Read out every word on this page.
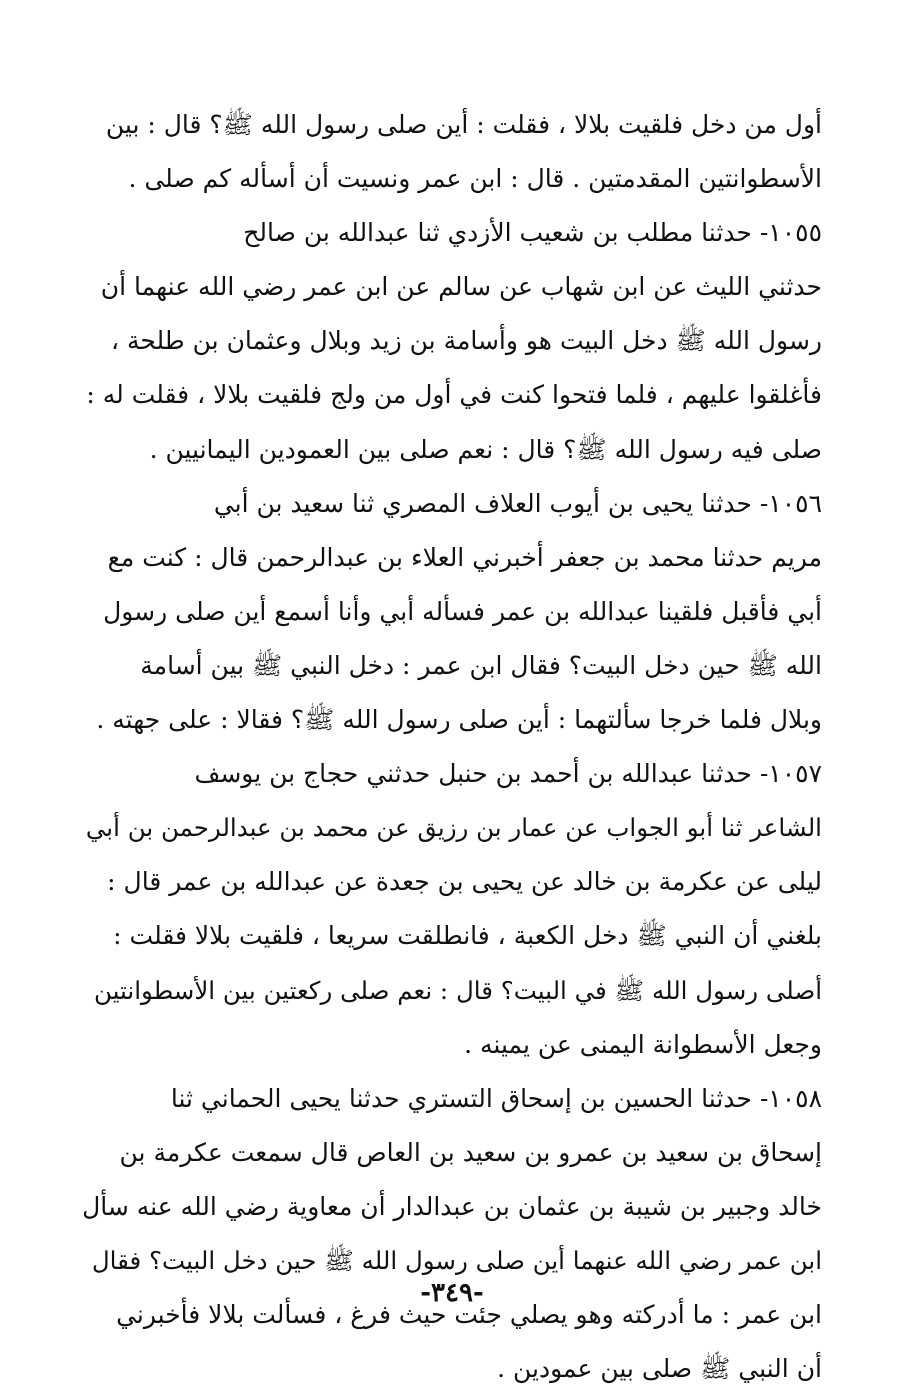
أول من دخل فلقيت بلالا ، فقلت : أين صلى رسول الله ﷺ؟ قال : بين
الأسطوانتين المقدمتين . قال : ابن عمر ونسيت أن أسأله كم صلى .
١٠٥٥- حدثنا مطلب بن شعيب الأزدي ثنا عبدالله بن صالح
حدثني الليث عن ابن شهاب عن سالم عن ابن عمر رضي الله عنهما أن
رسول الله ﷺ دخل البيت هو وأسامة بن زيد وبلال وعثمان بن طلحة ،
فأغلقوا عليهم ، فلما فتحوا كنت في أول من ولج فلقيت بلالا ، فقلت له :
صلى فيه رسول الله ﷺ؟ قال : نعم صلى بين العمودين اليمانيين .
١٠٥٦- حدثنا يحيى بن أيوب العلاف المصري ثنا سعيد بن أبي
مريم حدثنا محمد بن جعفر أخبرني العلاء بن عبدالرحمن قال : كنت مع
أبي فأقبل فلقينا عبدالله بن عمر فسأله أبي وأنا أسمع أين صلى رسول
الله ﷺ حين دخل البيت؟ فقال ابن عمر : دخل النبي ﷺ بين أسامة
وبلال فلما خرجا سألتهما : أين صلى رسول الله ﷺ؟ فقالا : على جهته .
١٠٥٧- حدثنا عبدالله بن أحمد بن حنبل حدثني حجاج بن يوسف
الشاعر ثنا أبو الجواب عن عمار بن رزيق عن محمد بن عبدالرحمن بن أبي
ليلى عن عكرمة بن خالد عن يحيى بن جعدة عن عبدالله بن عمر قال :
بلغني أن النبي ﷺ دخل الكعبة ، فانطلقت سريعا ، فلقيت بلالا فقلت :
أصلى رسول الله ﷺ في البيت؟ قال : نعم صلى ركعتين بين الأسطوانتين
وجعل الأسطوانة اليمنى عن يمينه .
١٠٥٨- حدثنا الحسين بن إسحاق التستري حدثنا يحيى الحماني ثنا
إسحاق بن سعيد بن عمرو بن سعيد بن العاص قال سمعت عكرمة بن
خالد وجبير بن شيبة بن عثمان بن عبدالدار أن معاوية رضي الله عنه سأل
ابن عمر رضي الله عنهما أين صلى رسول الله ﷺ حين دخل البيت؟ فقال
ابن عمر : ما أدركته وهو يصلي جئت حيث فرغ ، فسألت بلالا فأخبرني
أن النبي ﷺ صلى بين عمودين .
-٣٤٩-
